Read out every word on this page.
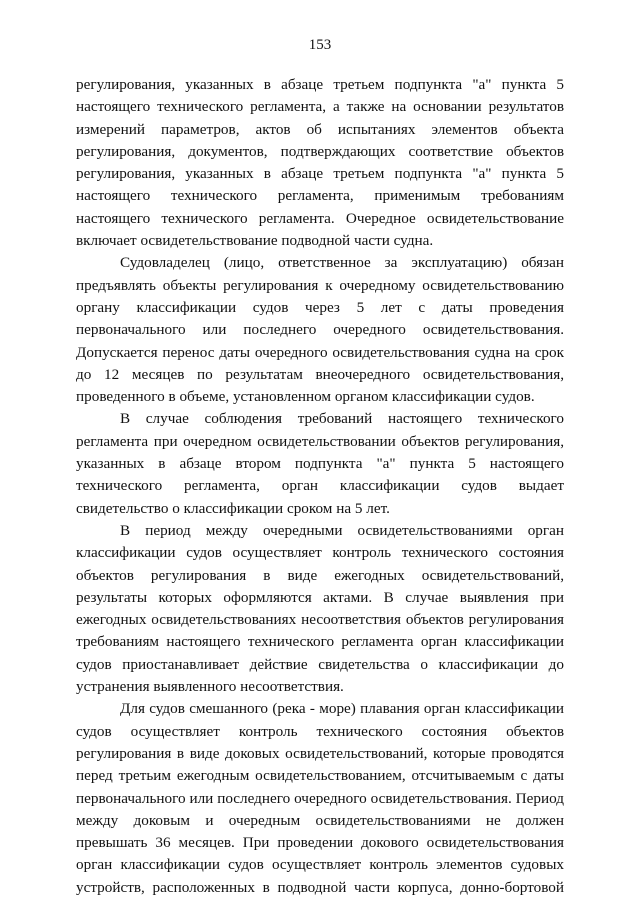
153

регулирования, указанных в абзаце третьем подпункта "а" пункта 5 настоящего технического регламента, а также на основании результатов измерений параметров, актов об испытаниях элементов объекта регулирования, документов, подтверждающих соответствие объектов регулирования, указанных в абзаце третьем подпункта "а" пункта 5 настоящего технического регламента, применимым требованиям настоящего технического регламента. Очередное освидетельствование включает освидетельствование подводной части судна.

Судовладелец (лицо, ответственное за эксплуатацию) обязан предъявлять объекты регулирования к очередному освидетельствованию органу классификации судов через 5 лет с даты проведения первоначального или последнего очередного освидетельствования. Допускается перенос даты очередного освидетельствования судна на срок до 12 месяцев по результатам внеочередного освидетельствования, проведенного в объеме, установленном органом классификации судов.

В случае соблюдения требований настоящего технического регламента при очередном освидетельствовании объектов регулирования, указанных в абзаце втором подпункта "а" пункта 5 настоящего технического регламента, орган классификации судов выдает свидетельство о классификации сроком на 5 лет.

В период между очередными освидетельствованиями орган классификации судов осуществляет контроль технического состояния объектов регулирования в виде ежегодных освидетельствований, результаты которых оформляются актами. В случае выявления при ежегодных освидетельствованиях несоответствия объектов регулирования требованиям настоящего технического регламента орган классификации судов приостанавливает действие свидетельства о классификации до устранения выявленного несоответствия.

Для судов смешанного (река - море) плавания орган классификации судов осуществляет контроль технического состояния объектов регулирования в виде доковых освидетельствований, которые проводятся перед третьим ежегодным освидетельствованием, отсчитываемым с даты первоначального или последнего очередного освидетельствования. Период между доковым и очередным освидетельствованиями не должен превышать 36 месяцев. При проведении докового освидетельствования орган классификации судов осуществляет контроль элементов судовых устройств, расположенных в подводной части корпуса, донно-бортовой
